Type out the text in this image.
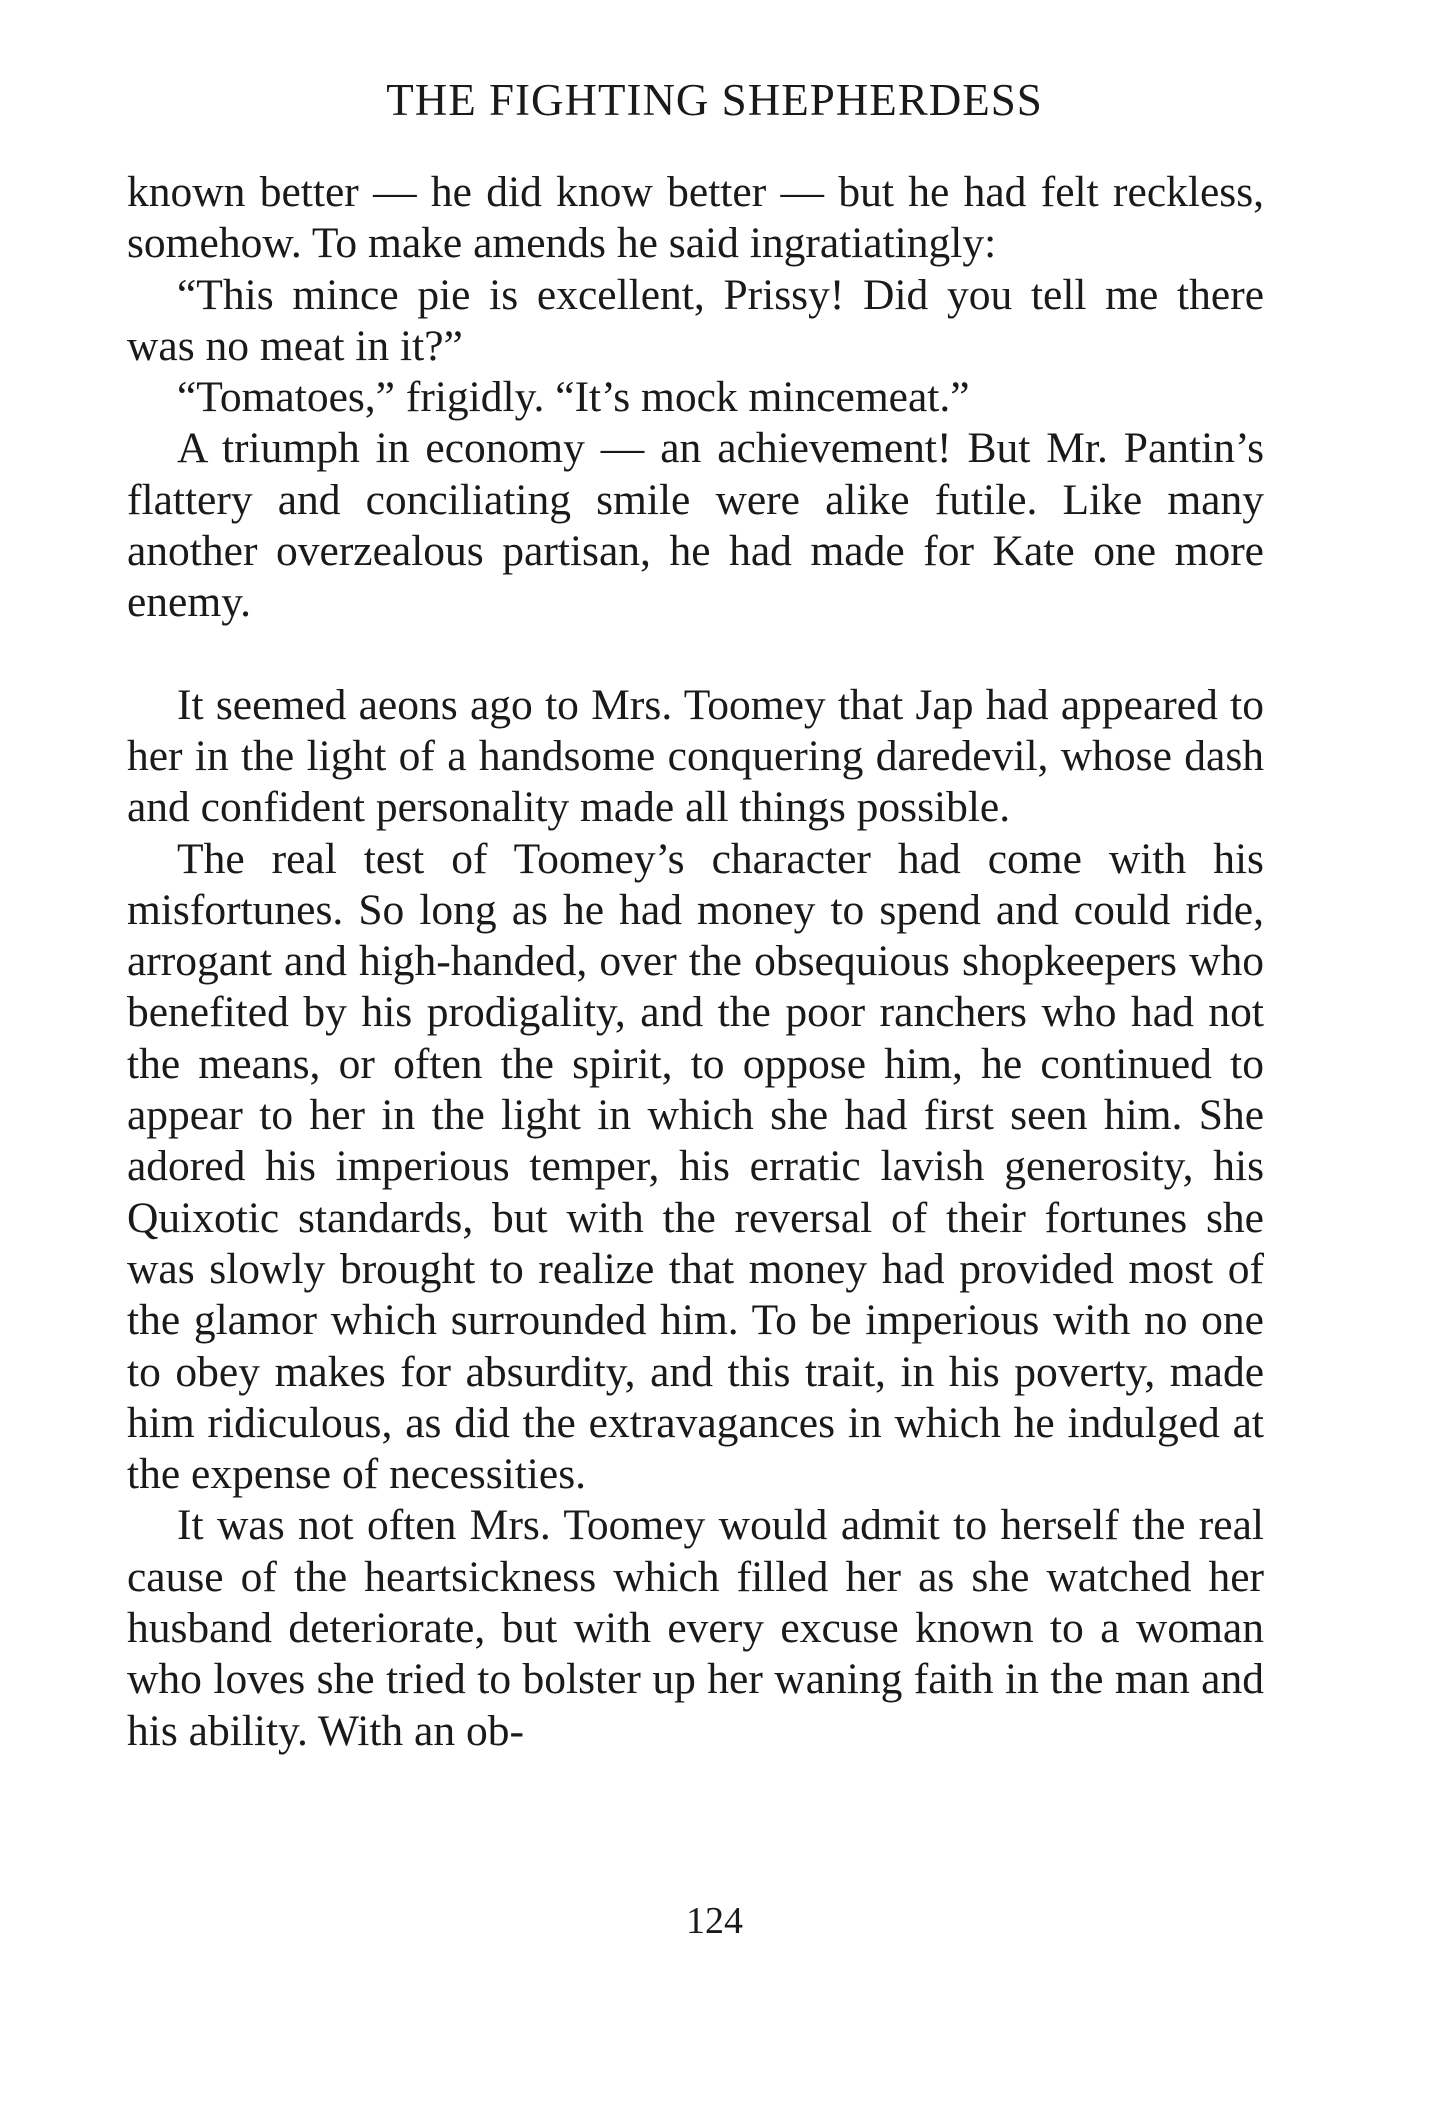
THE FIGHTING SHEPHERDESS

known better — he did know better — but he had felt reckless, somehow. To make amends he said ingratiatingly:

“This mince pie is excellent, Prissy! Did you tell me there was no meat in it?”

“Tomatoes,” frigidly. “It’s mock mincemeat.”

A triumph in economy — an achievement! But Mr. Pantin’s flattery and conciliating smile were alike futile. Like many another overzealous partisan, he had made for Kate one more enemy.

It seemed aeons ago to Mrs. Toomey that Jap had appeared to her in the light of a handsome conquering daredevil, whose dash and confident personality made all things possible.

The real test of Toomey’s character had come with his misfortunes. So long as he had money to spend and could ride, arrogant and high-handed, over the obsequious shopkeepers who benefited by his prodigality, and the poor ranchers who had not the means, or often the spirit, to oppose him, he continued to appear to her in the light in which she had first seen him. She adored his imperious temper, his erratic lavish generosity, his Quixotic standards, but with the reversal of their fortunes she was slowly brought to realize that money had provided most of the glamor which surrounded him. To be imperious with no one to obey makes for absurdity, and this trait, in his poverty, made him ridiculous, as did the extravagances in which he indulged at the expense of necessities.

It was not often Mrs. Toomey would admit to herself the real cause of the heartsickness which filled her as she watched her husband deteriorate, but with every excuse known to a woman who loves she tried to bolster up her waning faith in the man and his ability. With an ob-

124
